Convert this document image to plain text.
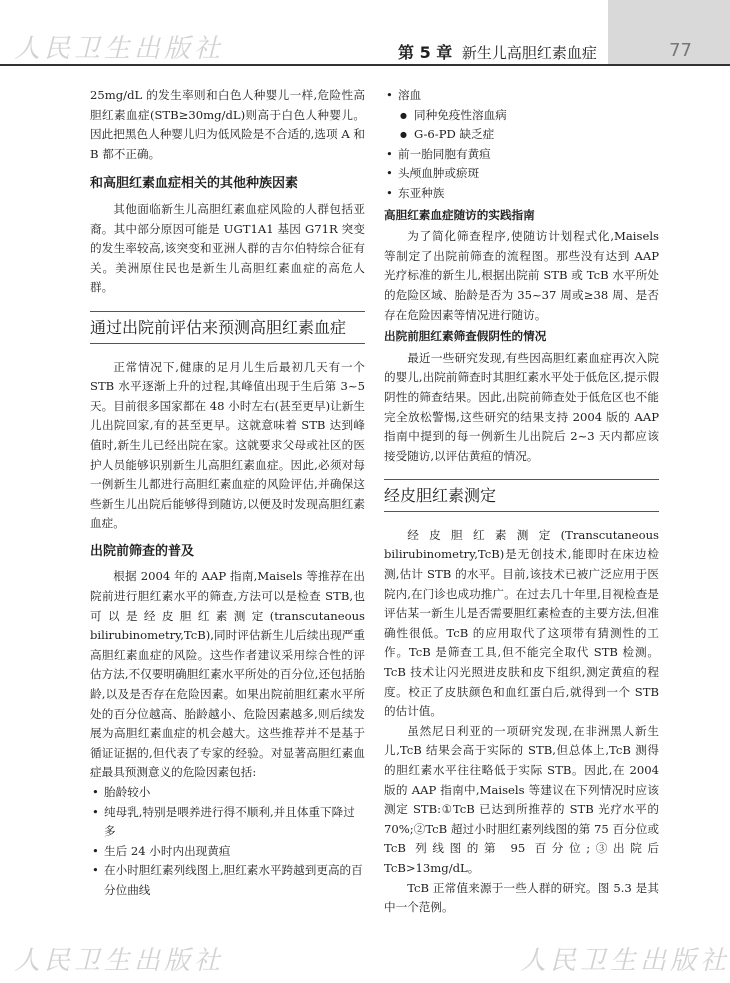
人民卫生出版社
人民卫生出版社	人民卫生出版社
第 5 章 新生儿高胆红素血症	77

25mg/dL 的发生率则和白色人种婴儿一样,危险性高胆红素血症(STB≥30mg/dL)则高于白色人种婴儿。因此把黑色人种婴儿归为低风险是不合适的,选项 A 和 B 都不正确。

和高胆红素血症相关的其他种族因素

其他面临新生儿高胆红素血症风险的人群包括亚裔。其中部分原因可能是 UGT1A1 基因 G71R 突变的发生率较高,该突变和亚洲人群的吉尔伯特综合征有关。美洲原住民也是新生儿高胆红素血症的高危人群。

通过出院前评估来预测高胆红素血症

正常情况下,健康的足月儿生后最初几天有一个 STB 水平逐渐上升的过程,其峰值出现于生后第 3~5 天。目前很多国家都在 48 小时左右(甚至更早)让新生儿出院回家,有的甚至更早。这就意味着 STB 达到峰值时,新生儿已经出院在家。这就要求父母或社区的医护人员能够识别新生儿高胆红素血症。因此,必须对每一例新生儿都进行高胆红素血症的风险评估,并确保这些新生儿出院后能够得到随访,以便及时发现高胆红素血症。

出院前筛查的普及

根据 2004 年的 AAP 指南,Maisels 等推荐在出院前进行胆红素水平的筛查,方法可以是检查 STB,也可以是经皮胆红素测定(transcutaneous bilirubinometry,TcB),同时评估新生儿后续出现严重高胆红素血症的风险。这些作者建议采用综合性的评估方法,不仅要明确胆红素水平所处的百分位,还包括胎龄,以及是否存在危险因素。如果出院前胆红素水平所处的百分位越高、胎龄越小、危险因素越多,则后续发展为高胆红素血症的机会越大。这些推荐并不是基于循证证据的,但代表了专家的经验。对显著高胆红素血症最具预测意义的危险因素包括:

• 胎龄较小
• 纯母乳,特别是喂养进行得不顺利,并且体重下降过多
• 生后 24 小时内出现黄疸
• 在小时胆红素列线图上,胆红素水平跨越到更高的百分位曲线
• 溶血
● 同种免疫性溶血病
● G-6-PD 缺乏症
• 前一胎同胞有黄疸
• 头颅血肿或瘀斑
• 东亚种族
高胆红素血症随访的实践指南

为了简化筛查程序,使随访计划程式化,Maisels 等制定了出院前筛查的流程图。那些没有达到 AAP 光疗标准的新生儿,根据出院前 STB 或 TcB 水平所处的危险区域、胎龄是否为 35~37 周或≥38 周、是否存在危险因素等情况进行随访。

出院前胆红素筛查假阴性的情况

最近一些研究发现,有些因高胆红素血症再次入院的婴儿,出院前筛查时其胆红素水平处于低危区,提示假阴性的筛查结果。因此,出院前筛查处于低危区也不能完全放松警惕,这些研究的结果支持 2004 版的 AAP 指南中提到的每一例新生儿出院后 2~3 天内都应该接受随访,以评估黄疸的情况。

经皮胆红素测定

经皮胆红素测定(Transcutaneous bilirubinometry,TcB)是无创技术,能即时在床边检测,估计 STB 的水平。目前,该技术已被广泛应用于医院内,在门诊也成功推广。在过去几十年里,目视检查是评估某一新生儿是否需要胆红素检查的主要方法,但准确性很低。TcB 的应用取代了这项带有猜测性的工作。TcB 是筛查工具,但不能完全取代 STB 检测。TcB 技术让闪光照进皮肤和皮下组织,测定黄疸的程度。校正了皮肤颜色和血红蛋白后,就得到一个 STB 的估计值。

虽然尼日利亚的一项研究发现,在非洲黑人新生儿,TcB 结果会高于实际的 STB,但总体上,TcB 测得的胆红素水平往往略低于实际 STB。因此,在 2004 版的 AAP 指南中,Maisels 等建议在下列情况时应该测定 STB:①TcB 已达到所推荐的 STB 光疗水平的 70%;②TcB 超过小时胆红素列线图的第 75 百分位或 TcB 列线图的第 95 百分位;③出院后 TcB>13mg/dL。

TcB 正常值来源于一些人群的研究。图 5.3 是其中一个范例。
